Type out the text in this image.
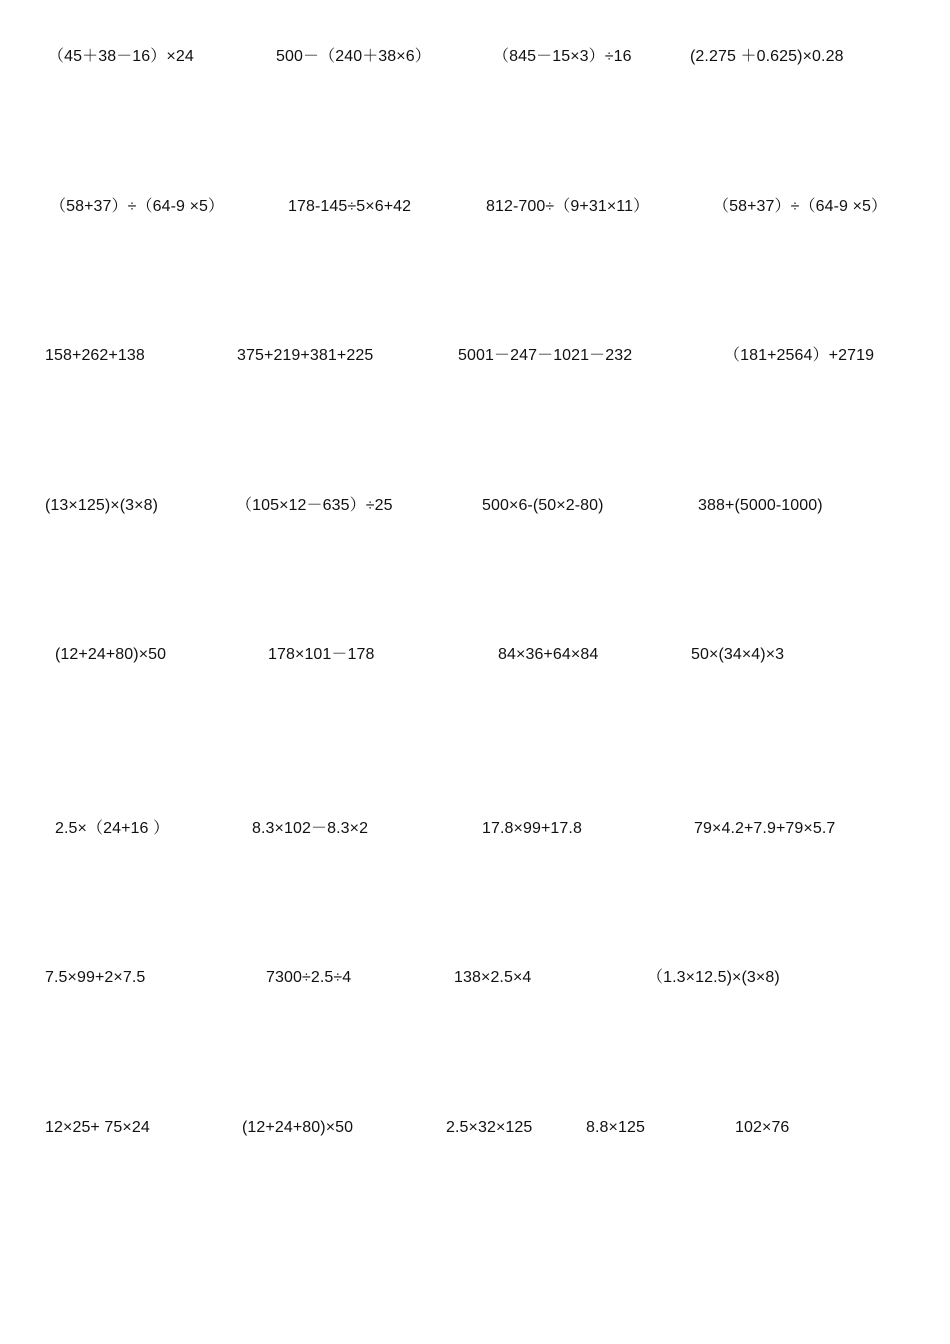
（45＋38－16）×24	500－（240＋38×6）	（845－15×3）÷16	(2.275 ＋0.625)×0.28
（58+37）÷（64-9 ×5）	178-145÷5×6+42	812-700÷（9+31×11）	（58+37）÷（64-9 ×5）
158+262+138	375+219+381+225	5001－247－1021－232	（181+2564）+2719
(13×125)×(3×8)	（105×12－635）÷25	500×6-(50×2-80)	388+(5000-1000)
(12+24+80)×50	178×101－178	84×36+64×84	50×(34×4)×3
2.5×（24+16 ）	8.3×102－8.3×2	17.8×99+17.8	79×4.2+7.9+79×5.7
7.5×99+2×7.5	7300÷2.5÷4	138×2.5×4	（1.3×12.5)×(3×8)
12×25+ 75×24	(12+24+80)×50	2.5×32×125	8.8×125	102×76
